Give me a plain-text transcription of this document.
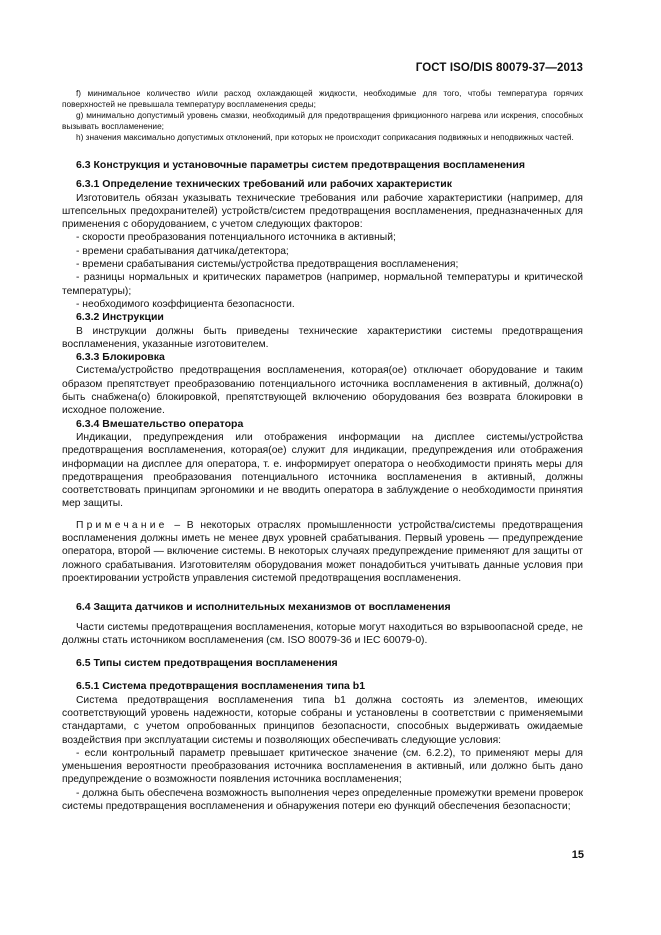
ГОСТ ISO/DIS 80079-37—2013

f) минимальное количество и/или расход охлаждающей жидкости, необходимые для того, чтобы температура горячих поверхностей не превышала температуру воспламенения среды;

g) минимально допустимый уровень смазки, необходимый для предотвращения фрикционного нагрева или искрения, способных вызывать воспламенение;

h) значения максимально допустимых отклонений, при которых не происходит соприкасания подвижных и неподвижных частей.

6.3 Конструкция и установочные параметры систем предотвращения воспламенения
6.3.1 Определение технических требований или рабочих характеристик

Изготовитель обязан указывать технические требования или рабочие характеристики (например, для штепсельных предохранителей) устройств/систем предотвращения воспламенения, предназначенных для применения с оборудованием, с учетом следующих факторов:

- скорости преобразования потенциального источника в активный;

- времени срабатывания датчика/детектора;

- времени срабатывания системы/устройства предотвращения воспламенения;

- разницы нормальных и критических параметров (например, нормальной температуры и критической температуры);

- необходимого коэффициента безопасности.

6.3.2 Инструкции

В инструкции должны быть приведены технические характеристики системы предотвращения воспламенения, указанные изготовителем.

6.3.3 Блокировка

Система/устройство предотвращения воспламенения, которая(ое) отключает оборудование и таким образом препятствует преобразованию потенциального источника воспламенения в активный, должна(о) быть снабжена(о) блокировкой, препятствующей включению оборудования без возврата блокировки в исходное положение.

6.3.4 Вмешательство оператора

Индикации, предупреждения или отображения информации на дисплее системы/устройства предотвращения воспламенения, которая(ое) служит для индикации, предупреждения или отображения информации на дисплее для оператора, т. е. информирует оператора о необходимости принять меры для предотвращения преобразования потенциального источника воспламенения в активный, должны соответствовать принципам эргономики и не вводить оператора в заблуждение о необходимости принятия мер защиты.

Примечание – В некоторых отраслях промышленности устройства/системы предотвращения воспламенения должны иметь не менее двух уровней срабатывания. Первый уровень — предупреждение оператора, второй — включение системы. В некоторых случаях предупреждение применяют для защиты от ложного срабатывания. Изготовителям оборудования может понадобиться учитывать данные условия при проектировании устройств управления системой предотвращения воспламенения.

6.4 Защита датчиков и исполнительных механизмов от воспламенения

Части системы предотвращения воспламенения, которые могут находиться во взрывоопасной среде, не должны стать источником воспламенения (см. ISO 80079-36 и IEC 60079-0).

6.5 Типы систем предотвращения воспламенения
6.5.1 Система предотвращения воспламенения типа b1

Система предотвращения воспламенения типа b1 должна состоять из элементов, имеющих соответствующий уровень надежности, которые собраны и установлены в соответствии с применяемыми стандартами, с учетом опробованных принципов безопасности, способных выдерживать ожидаемые воздействия при эксплуатации системы и позволяющих обеспечивать следующие условия:

- если контрольный параметр превышает критическое значение (см. 6.2.2), то применяют меры для уменьшения вероятности преобразования источника воспламенения в активный, или должно быть дано предупреждение о возможности появления источника воспламенения;

- должна быть обеспечена возможность выполнения через определенные промежутки времени проверок системы предотвращения воспламенения и обнаружения потери ею функций обеспечения безопасности;

15
